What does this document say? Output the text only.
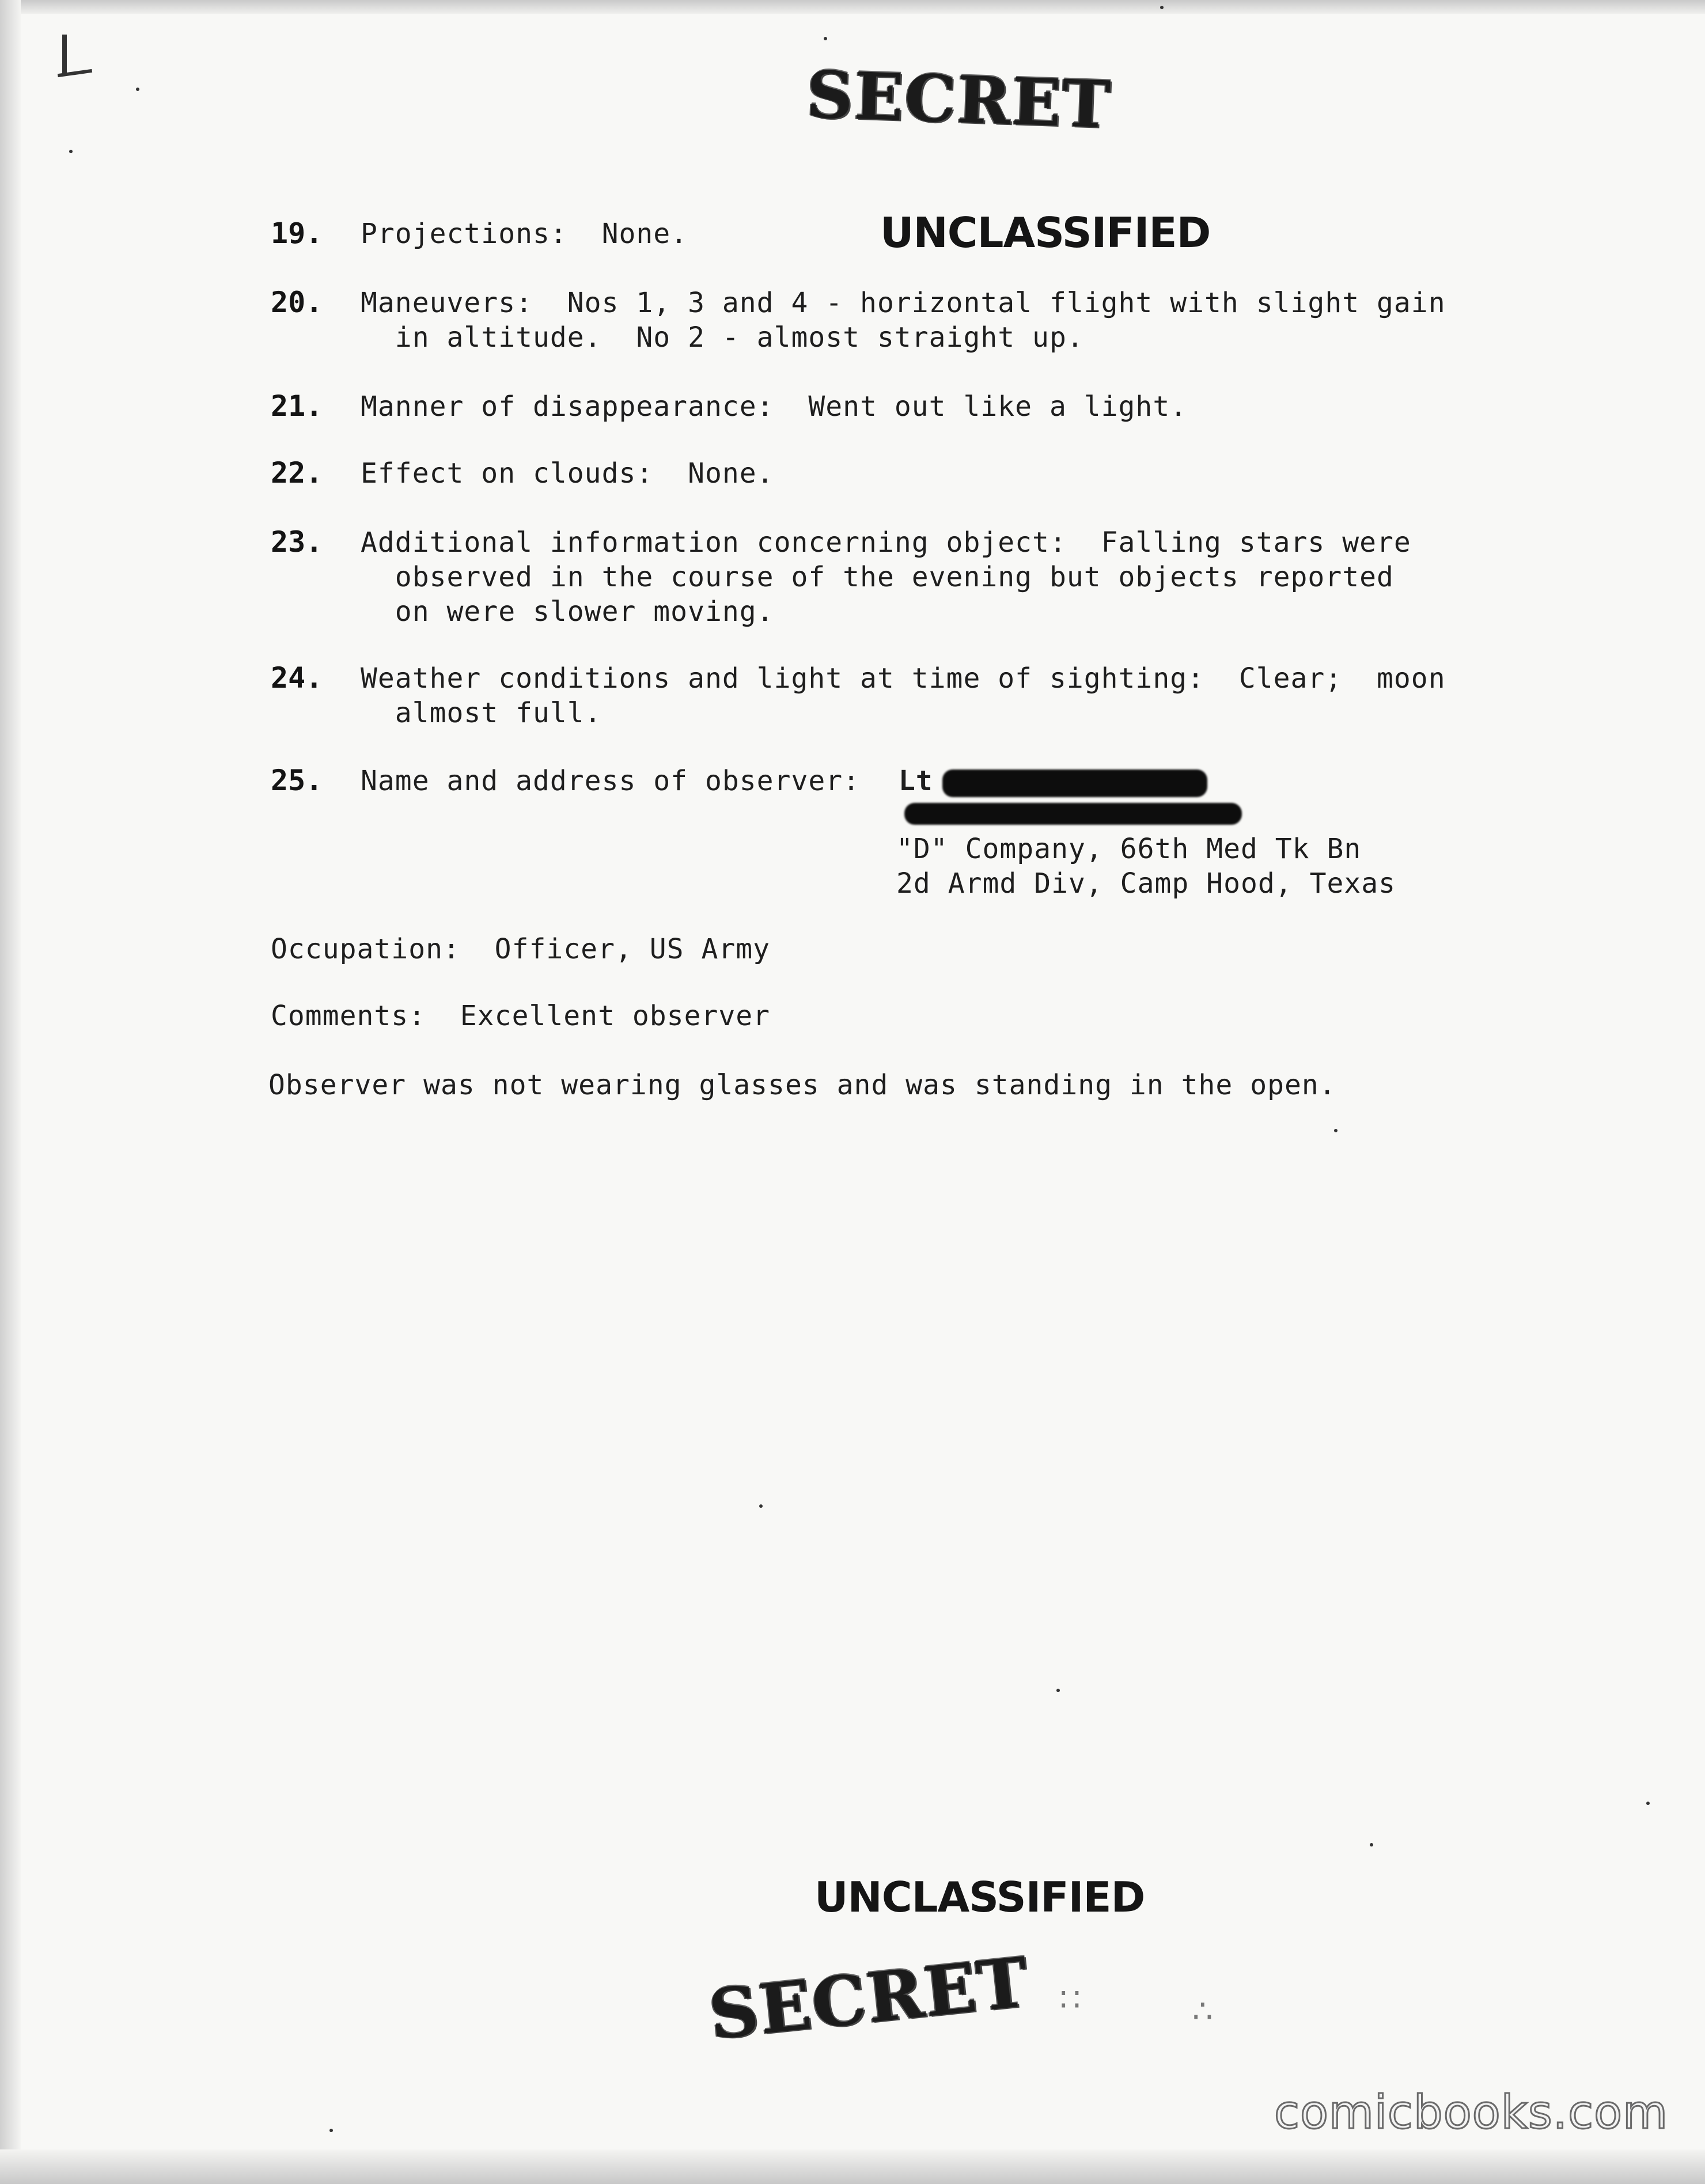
SECRET
UNCLASSIFIED
19. Projections:  None.
20. Maneuvers:  Nos 1, 3 and 4 - horizontal flight with slight gain
in altitude.  No 2 - almost straight up.
21. Manner of disappearance:  Went out like a light.
22. Effect on clouds:  None.
23. Additional information concerning object:  Falling stars were
observed in the course of the evening but objects reported
on were slower moving.
24. Weather conditions and light at time of sighting:  Clear;  moon
almost full.
25. Name and address of observer: Lt
"D" Company, 66th Med Tk Bn
2d Armd Div, Camp Hood, Texas
Occupation:  Officer, US Army
Comments:  Excellent observer
Observer was not wearing glasses and was standing in the open.
UNCLASSIFIED
SECRET ∷	∴
comicbooks.com
